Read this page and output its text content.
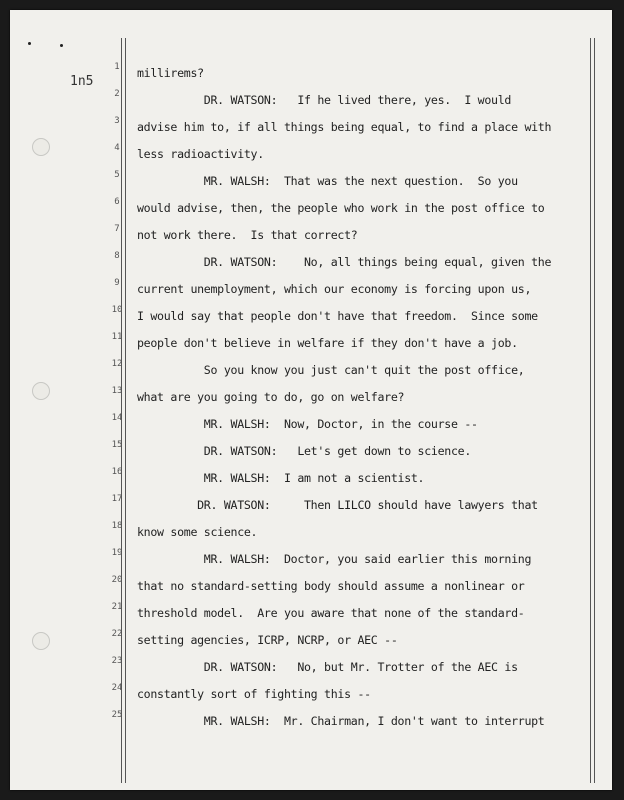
1n5
1	millirems?
2	DR. WATSON:   If he lived there, yes.  I would
3	advise him to, if all things being equal, to find a place with
4	less radioactivity.
5	MR. WALSH:  That was the next question.  So you
6	would advise, then, the people who work in the post office to
7	not work there.  Is that correct?
8	DR. WATSON:    No, all things being equal, given the
9	current unemployment, which our economy is forcing upon us,
10	I would say that people don't have that freedom.  Since some
11	people don't believe in welfare if they don't have a job.
12	So you know you just can't quit the post office,
13	what are you going to do, go on welfare?
14	MR. WALSH:  Now, Doctor, in the course --
15	DR. WATSON:   Let's get down to science.
16	MR. WALSH:  I am not a scientist.
17	DR. WATSON:     Then LILCO should have lawyers that
18	know some science.
19	MR. WALSH:  Doctor, you said earlier this morning
20	that no standard-setting body should assume a nonlinear or
21	threshold model.  Are you aware that none of the standard-
22	setting agencies, ICRP, NCRP, or AEC --
23	DR. WATSON:   No, but Mr. Trotter of the AEC is
24	constantly sort of fighting this --
25	MR. WALSH:  Mr. Chairman, I don't want to interrupt
